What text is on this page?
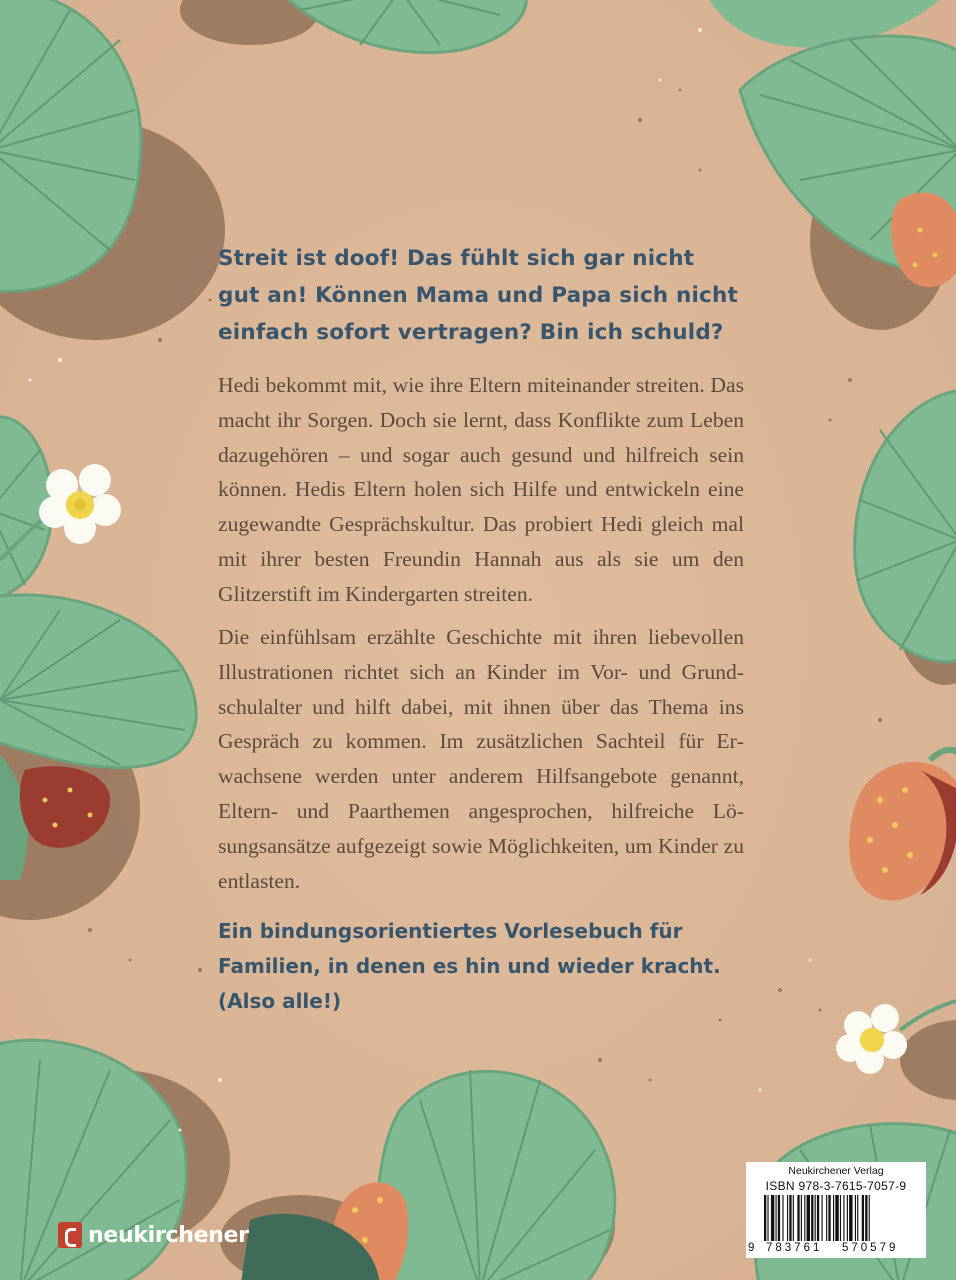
Streit ist doof! Das fühlt sich gar nicht gut an! Können Mama und Papa sich nicht einfach sofort vertragen? Bin ich schuld?

Hedi bekommt mit, wie ihre Eltern miteinander streiten. Das macht ihr Sorgen. Doch sie lernt, dass Konflikte zum Leben dazugehören – und sogar auch gesund und hilfreich sein können. Hedis Eltern holen sich Hilfe und entwickeln eine zugewandte Gesprächskultur. Das probiert Hedi gleich mal mit ihrer besten Freundin Hannah aus als sie um den Glitzerstift im Kindergarten streiten.

Die einfühlsam erzählte Geschichte mit ihren liebevollen Illustrationen richtet sich an Kinder im Vor- und Grundschulalter und hilft dabei, mit ihnen über das Thema ins Gespräch zu kommen. Im zusätzlichen Sachteil für Erwachsene werden unter anderem Hilfsangebote genannt, Eltern- und Paarthemen angesprochen, hilfreiche Lösungsansätze aufgezeigt sowie Möglichkeiten, um Kinder zu entlasten.

Ein bindungsorientiertes Vorlesebuch für Familien, in denen es hin und wieder kracht. (Also alle!)

neukirchener
Neukirchener Verlag
ISBN 978-3-7615-7057-9
9 783761 570579
